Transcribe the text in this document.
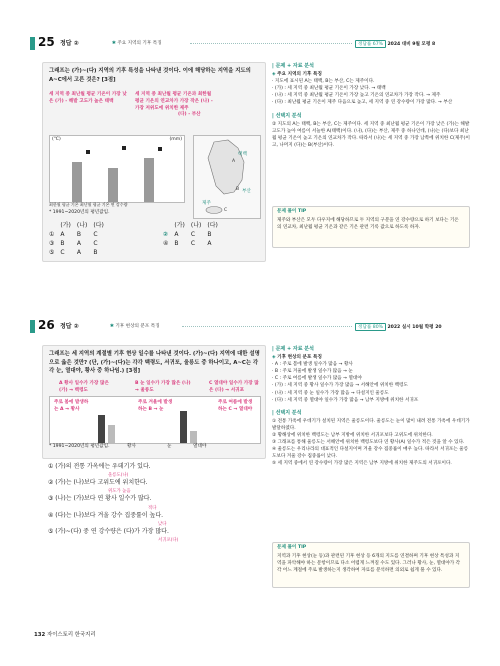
25 정답 ②	✱ 주요 지역의 기후 특징	정답률 67% 2024 대비 9월 모평 8
그래프는 (가)~(다) 지역의 기후 특성을 나타낸 것이다. 이에 해당하는 지역을 지도의 A~C에서 고른 것은? [3점]
세 지역 중 최난월 평균 기온이 가장 낮은 (가) - 해발 고도가 높은 태백
세 지역 중 최난월 평균 기온과 최한월 평균 기온의 연교차가 가장 작은 (나) - 가장 저위도에 위치한 제주
(다) - 부산
(℃)	(mm)
최한월 평균 기온 최난월 평균 기온 연 강수량
* 1991~2020년의 평년값임.
A
B
C
태백
부산
제주
	(가)	(나)	(다)
①	A	B	C
③	B	A	C
⑤	C	A	B
	(가)	(나)	(다)
②	A	C	B
④	B	C	A
| 문제 + 자료 분석
◈ 주요 지역의 기후 특징
· 지도에 표시된 A는 태백, B는 부산, C는 제주이다.
· (가) : 세 지역 중 최난월 평균 기온이 가장 낮다. → 태백
· (나) : 세 지역 중 최난월 평균 기온이 가장 높고 기온의 연교차가 가장 작다. → 제주
· (다) : 최난월 평균 기온이 제주 다음으로 높고, 세 지역 중 연 강수량이 가장 많다. → 부산
| 선택지 분석
② 지도의 A는 태백, B는 부산, C는 제주이다. 세 지역 중 최난월 평균 기온이 가장 낮은 (가)는 해발 고도가 높아 여름이 서늘한 A(태백)이다. (나), (다)는 부산, 제주 중 하나인데, (나)는 (다)보다 최난월 평균 기온이 높고 기온의 연교차가 작다. 따라서 (나)는 세 지역 중 가장 남쪽에 위치한 C(제주)이고, 나머지 (다)는 B(부산)이다.
문제 풀이 TIP
제주와 부산은 모두 다우지에 해당하므로 두 지역의 구분을 연 강수량으로 하기 보다는 기온의 연교차, 최난월 평균 기온과 같은 기온 관련 기록 값으로 하도록 하자.
26 정답 ②	✱ 기후 현상의 분포 특징	정답률 80% 2022 실시 10월 학평 20
그래프는 세 지역의 계절별 기후 현상 일수를 나타낸 것이다. (가)~(다) 지역에 대한 설명으로 옳은 것만? (단, (가)~(다)는 각각 백령도, 서귀포, 울릉도 중 하나이고, A~C는 각각 눈, 열대야, 황사 중 하나임.) [3점]
A 황사 일수가 가장 많은 (가) → 백령도
B 눈 일수가 가장 많은 (나) → 울릉도
C 열대야 일수가 가장 많은 (다) → 서귀포
주로 봄에 발생하는 A → 황사
주로 겨울에 발생하는 B → 눈
주로 여름에 발생하는 C → 열대야
* 1991~2020년의 평년값임.	황사	눈	열대야
① (가)의 전통 가옥에는 우데기가 있다.
울릉도(나)
② (가)는 (나)보다 고위도에 위치한다.
위도가 높음
③ (나)는 (가)보다 연 황사 일수가 많다.
적다
④ (다)는 (나)보다 겨울 강수 집중률이 높다.
낮다
⑤ (가)~(다) 중 연 강수량은 (다)가 가장 많다.
서귀포(다)
| 문제 + 자료 분석
◈ 기후 현상의 분포 특징
· A : 주로 봄에 발생 일수가 많음 → 황사
· B : 주로 겨울에 발생 일수가 많음 → 눈
· C : 주로 여름에 발생 일수가 많음 → 열대야
· (가) : 세 지역 중 황사 일수가 가장 많음 → 서해안에 위치한 백령도
· (나) : 세 지역 중 눈 일수가 가장 많음 → 다설지인 울릉도
· (다) : 세 지역 중 열대야 일수가 가장 많음 → 남부 지방에 위치한 서귀포
| 선택지 분석
① 전통 가옥에 우데기가 설치된 지역은 울릉도이다. 울릉도는 눈이 많이 내려 전통 가옥에 우데기가 발달하였다.
② 황해상에 위치한 백령도는 남부 지방에 위치한 서귀포보다 고위도에 위치한다.
③ 그래프를 통해 울릉도는 서해안에 위치한 백령도보다 연 황사(A) 일수가 적은 것을 알 수 있다.
④ 울릉도는 우리나라의 대표적인 다설지이며 겨울 강수 집중률이 매우 높다. 따라서 서귀포는 울릉도보다 겨울 강수 집중률이 낮다.
⑤ 세 지역 중에서 연 강수량이 가장 많은 지역은 남부 지방에 위치한 제주도의 서귀포이다.
문제 풀이 TIP
지역과 기후 현상(눈 등)과 관련된 기후 현상 등 6개의 지도를 연결하며 기후 현상 특성과 지역을 파악해야 하는 문항이므로 다소 어렵게 느껴질 수도 있다. 그러나 황사, 눈, 열대야가 각각 어느 계절에 주로 발생하는지 생각하여 자료를 분석하면 의외로 쉽게 풀 수 있다.
132 자이스토리 한국지리
